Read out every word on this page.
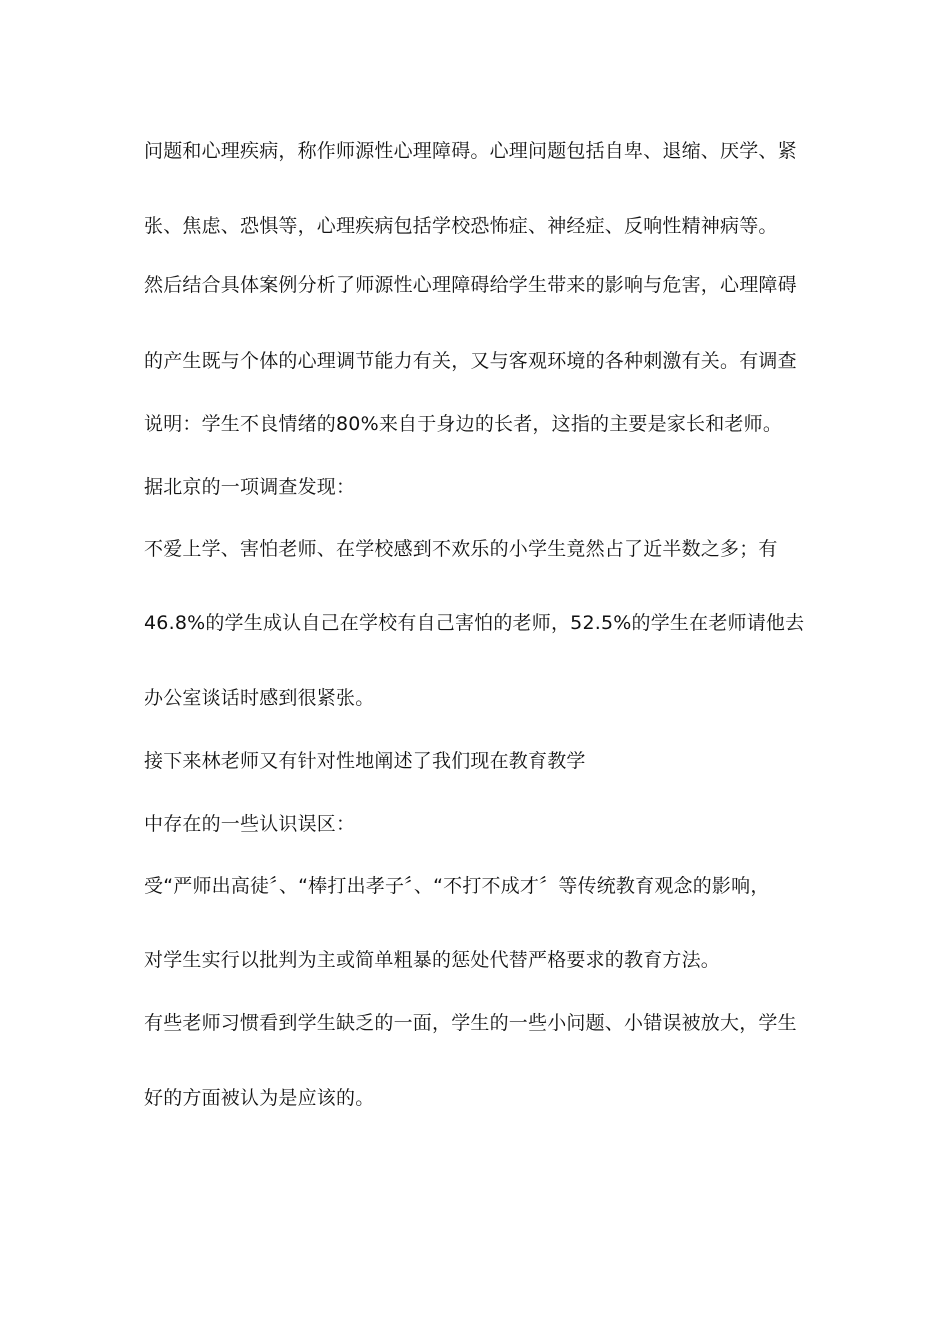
问题和心理疾病，称作师源性心理障碍。心理问题包括自卑、退缩、厌学、紧
张、焦虑、恐惧等，心理疾病包括学校恐怖症、神经症、反响性精神病等。
然后结合具体案例分析了师源性心理障碍给学生带来的影响与危害，心理障碍
的产生既与个体的心理调节能力有关，又与客观环境的各种刺激有关。有调查
说明：学生不良情绪的80%来自于身边的长者，这指的主要是家长和老师。
据北京的一项调查发现：
不爱上学、害怕老师、在学校感到不欢乐的小学生竟然占了近半数之多；有
46.8%的学生成认自己在学校有自己害怕的老师，52.5%的学生在老师请他去
办公室谈话时感到很紧张。
接下来林老师又有针对性地阐述了我们现在教育教学
中存在的一些认识误区：
受“严师出高徒〞、“棒打出孝子〞、“不打不成才〞等传统教育观念的影响，
对学生实行以批判为主或简单粗暴的惩处代替严格要求的教育方法。
有些老师习惯看到学生缺乏的一面，学生的一些小问题、小错误被放大，学生
好的方面被认为是应该的。
